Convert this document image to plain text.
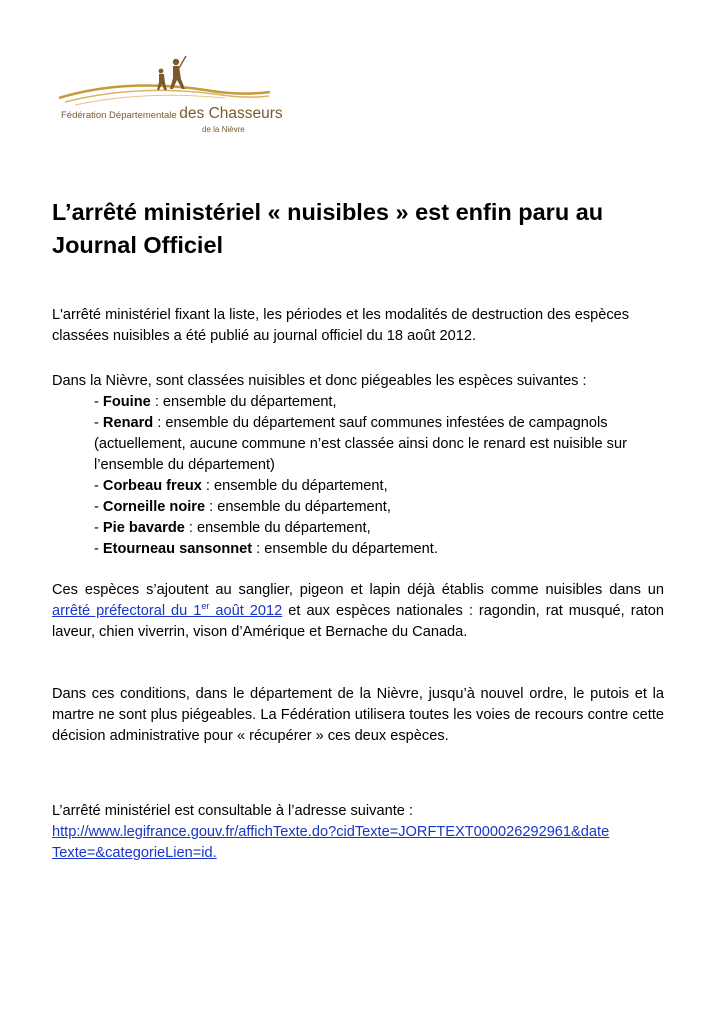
Fédération Départementale des Chasseurs
de la Nièvre
L’arrêté ministériel « nuisibles » est enfin paru au Journal Officiel

L'arrêté ministériel fixant la liste, les périodes et les modalités de destruction des espèces classées nuisibles a été publié au journal officiel du 18 août 2012.

Dans la Nièvre, sont classées nuisibles et donc piégeables les espèces suivantes :

- Fouine : ensemble du département,

- Renard : ensemble du département sauf communes infestées de campagnols (actuellement, aucune commune n’est classée ainsi donc le renard est nuisible sur l’ensemble du département)

- Corbeau freux : ensemble du département,

- Corneille noire : ensemble du département,

- Pie bavarde : ensemble du département,

- Etourneau sansonnet : ensemble du département.

Ces espèces s’ajoutent au sanglier, pigeon et lapin déjà établis comme nuisibles dans un arrêté préfectoral du 1er août 2012 et aux espèces nationales : ragondin, rat musqué, raton laveur, chien viverrin, vison d’Amérique et Bernache du Canada.

Dans ces conditions, dans le département de la Nièvre, jusqu’à nouvel ordre, le putois et la martre ne sont plus piégeables. La Fédération utilisera toutes les voies de recours contre cette décision administrative pour « récupérer » ces deux espèces.

L’arrêté ministériel est consultable à l’adresse suivante :

http://www.legifrance.gouv.fr/affichTexte.do?cidTexte=JORFTEXT000026292961&date
Texte=&categorieLien=id.
